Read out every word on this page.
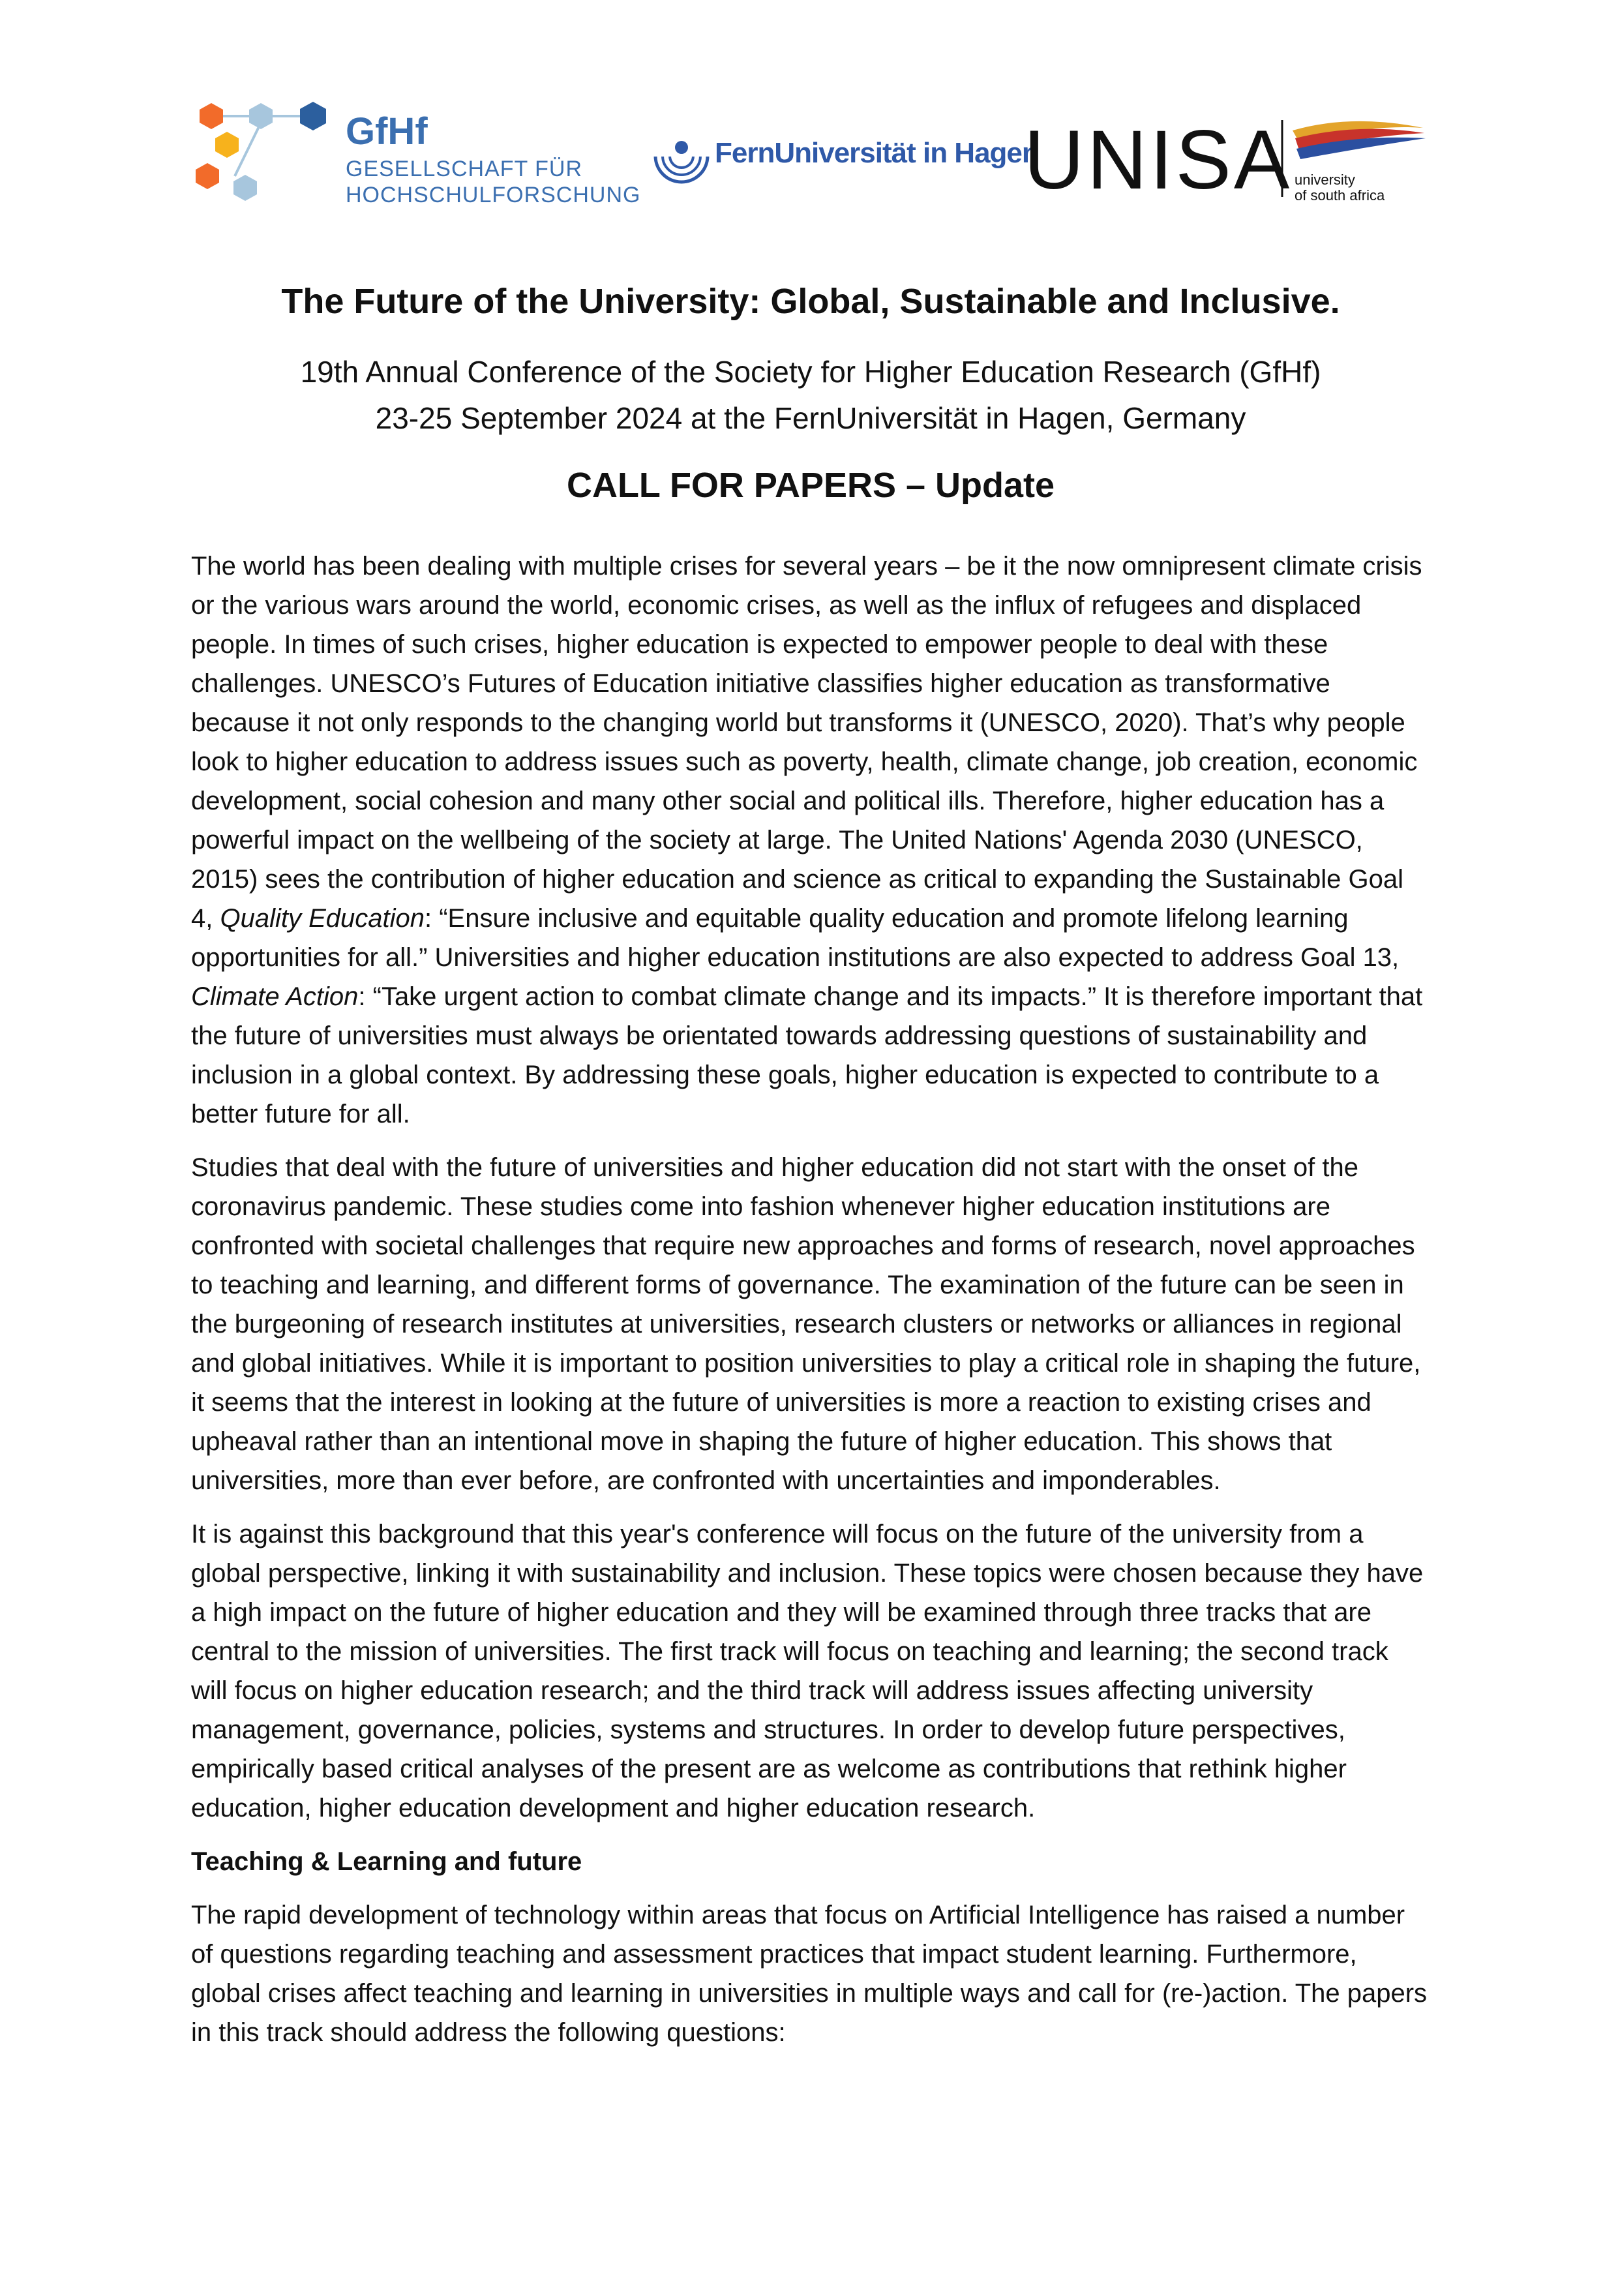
GfHf
GESELLSCHAFT FÜR
HOCHSCHULFORSCHUNG
FernUniversität in Hagen
UNISA university
of south africa
The Future of the University: Global, Sustainable and Inclusive.
19th Annual Conference of the Society for Higher Education Research (GfHf)
23-25 September 2024 at the FernUniversität in Hagen, Germany
CALL FOR PAPERS – Update

The world has been dealing with multiple crises for several years – be it the now omnipresent climate crisis or the various wars around the world, economic crises, as well as the influx of refugees and displaced people. In times of such crises, higher education is expected to empower people to deal with these challenges. UNESCO’s Futures of Education initiative classifies higher education as transformative because it not only responds to the changing world but transforms it (UNESCO, 2020). That’s why people look to higher education to address issues such as poverty, health, climate change, job creation, economic development, social cohesion and many other social and political ills. Therefore, higher education has a powerful impact on the wellbeing of the society at large. The United Nations' Agenda 2030 (UNESCO, 2015) sees the contribution of higher education and science as critical to expanding the Sustainable Goal 4, Quality Education: “Ensure inclusive and equitable quality education and promote lifelong learning opportunities for all.” Universities and higher education institutions are also expected to address Goal 13, Climate Action: “Take urgent action to combat climate change and its impacts.” It is therefore important that the future of universities must always be orientated towards addressing questions of sustainability and inclusion in a global context. By addressing these goals, higher education is expected to contribute to a better future for all.

Studies that deal with the future of universities and higher education did not start with the onset of the coronavirus pandemic. These studies come into fashion whenever higher education institutions are confronted with societal challenges that require new approaches and forms of research, novel approaches to teaching and learning, and different forms of governance. The examination of the future can be seen in the burgeoning of research institutes at universities, research clusters or networks or alliances in regional and global initiatives. While it is important to position universities to play a critical role in shaping the future, it seems that the interest in looking at the future of universities is more a reaction to existing crises and upheaval rather than an intentional move in shaping the future of higher education. This shows that universities, more than ever before, are confronted with uncertainties and imponderables.

It is against this background that this year's conference will focus on the future of the university from a global perspective, linking it with sustainability and inclusion. These topics were chosen because they have a high impact on the future of higher education and they will be examined through three tracks that are central to the mission of universities. The first track will focus on teaching and learning; the second track will focus on higher education research; and the third track will address issues affecting university management, governance, policies, systems and structures. In order to develop future perspectives, empirically based critical analyses of the present are as welcome as contributions that rethink higher education, higher education development and higher education research.

Teaching & Learning and future

The rapid development of technology within areas that focus on Artificial Intelligence has raised a number of questions regarding teaching and assessment practices that impact student learning. Furthermore, global crises affect teaching and learning in universities in multiple ways and call for (re-)action. The papers in this track should address the following questions:
